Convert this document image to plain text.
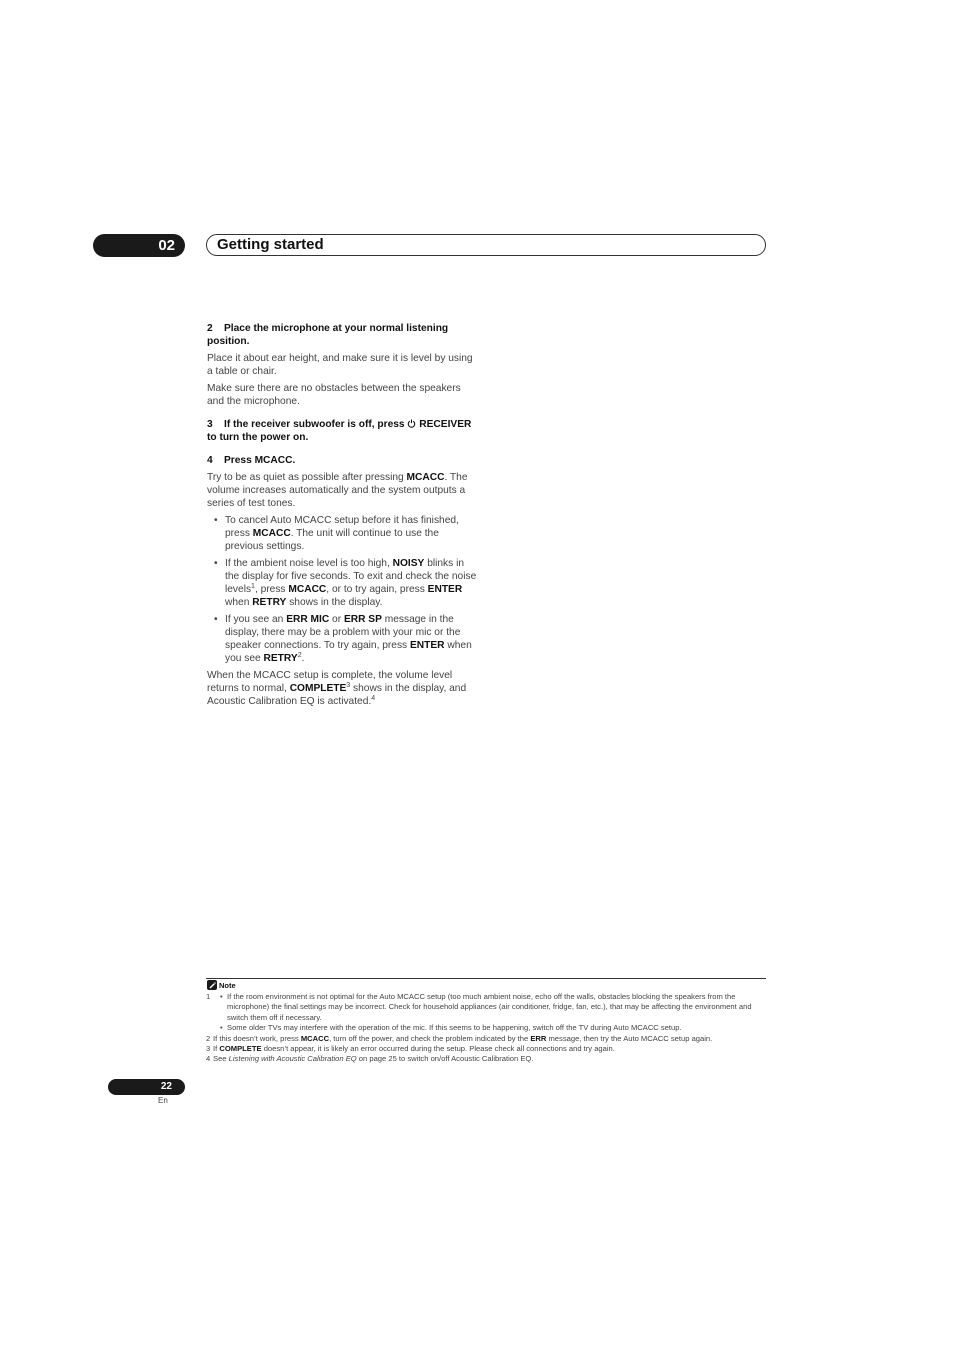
02	Getting started

2    Place the microphone at your normal listening position.

Place it about ear height, and make sure it is level by using a table or chair.

Make sure there are no obstacles between the speakers and the microphone.

3    If the receiver subwoofer is off, press RECEIVER to turn the power on.

4    Press MCACC.

Try to be as quiet as possible after pressing MCACC. The volume increases automatically and the system outputs a series of test tones.

• To cancel Auto MCACC setup before it has finished, press MCACC. The unit will continue to use the previous settings.
• If the ambient noise level is too high, NOISY blinks in the display for five seconds. To exit and check the noise levels$^1$, press MCACC, or to try again, press ENTER when RETRY shows in the display.
• If you see an ERR MIC or ERR SP message in the display, there may be a problem with your mic or the speaker connections. To try again, press ENTER when you see RETRY$^2$.

When the MCACC setup is complete, the volume level returns to normal, COMPLETE$^3$ shows in the display, and Acoustic Calibration EQ is activated.$^4$

Note
1
•	If the room environment is not optimal for the Auto MCACC setup (too much ambient noise, echo off the walls, obstacles blocking the speakers from the microphone) the final settings may be incorrect. Check for household appliances (air conditioner, fridge, fan, etc.), that may be affecting the environment and switch them off if necessary.
• Some older TVs may interfere with the operation of the mic. If this seems to be happening, switch off the TV during Auto MCACC setup.
2 If this doesn’t work, press MCACC, turn off the power, and check the problem indicated by the ERR message, then try the Auto MCACC setup again.
3 If COMPLETE doesn’t appear, it is likely an error occurred during the setup. Please check all connections and try again.
4 See Listening with Acoustic Calibration EQ on page 25 to switch on/off Acoustic Calibration EQ.
22
En
